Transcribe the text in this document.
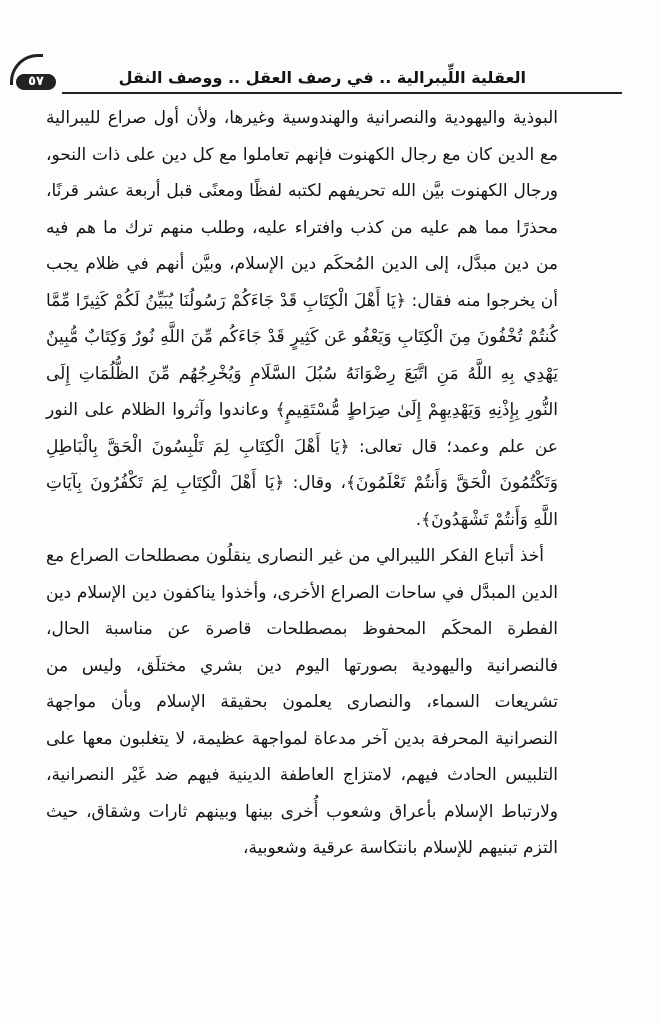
٥٧	العقلية اللِّيبرالية .. في رصف العقل .. ووصف النقل

البوذية واليهودية والنصرانية والهندوسية وغيرها، ولأن أول صراع لليبرالية مع الدين كان مع رجال الكهنوت فإنهم تعاملوا مع كل دين على ذات النحو، ورجال الكهنوت بيَّن الله تحريفهم لكتبه لفظًا ومعنًى قبل أربعة عشر قرنًا، محذرًا مما هم عليه من كذب وافتراء عليه، وطلب منهم ترك ما هم فيه من دين مبدَّل، إلى الدين المُحكَم دين الإسلام، وبيَّن أنهم في ظلام يجب أن يخرجوا منه فقال: ﴿يَا أَهْلَ الْكِتَابِ قَدْ جَاءَكُمْ رَسُولُنَا يُبَيِّنُ لَكُمْ كَثِيرًا مِّمَّا كُنتُمْ تُخْفُونَ مِنَ الْكِتَابِ وَيَعْفُو عَن كَثِيرٍ قَدْ جَاءَكُم مِّنَ اللَّهِ نُورٌ وَكِتَابٌ مُّبِينٌ يَهْدِي بِهِ اللَّهُ مَنِ اتَّبَعَ رِضْوَانَهُ سُبُلَ السَّلَامِ وَيُخْرِجُهُم مِّنَ الظُّلُمَاتِ إِلَى النُّورِ بِإِذْنِهِ وَيَهْدِيهِمْ إِلَىٰ صِرَاطٍ مُّسْتَقِيمٍ﴾ وعاندوا وآثروا الظلام على النور عن علم وعمد؛ قال تعالى: ﴿يَا أَهْلَ الْكِتَابِ لِمَ تَلْبِسُونَ الْحَقَّ بِالْبَاطِلِ وَتَكْتُمُونَ الْحَقَّ وَأَنتُمْ تَعْلَمُونَ﴾، وقال: ﴿يَا أَهْلَ الْكِتَابِ لِمَ تَكْفُرُونَ بِآيَاتِ اللَّهِ وَأَنتُمْ تَشْهَدُونَ﴾.

أخذ أتباع الفكر الليبرالي من غير النصارى ينقلُون مصطلحات الصراع مع الدين المبدَّل في ساحات الصراع الأخرى، وأخذوا يناكفون دين الإسلام دين الفطرة المحكَم المحفوظ بمصطلحات قاصرة عن مناسبة الحال، فالنصرانية واليهودية بصورتها اليوم دين بشري مختلَق، وليس من تشريعات السماء، والنصارى يعلمون بحقيقة الإسلام وبأن مواجهة النصرانية المحرفة بدين آخر مدعاة لمواجهة عظيمة، لا يتغلبون معها على التلبيس الحادث فيهم، لامتزاج العاطفة الدينية فيهم ضد غَيْر النصرانية، ولارتباط الإسلام بأعراق وشعوب أُخرى بينها وبينهم ثارات وشقاق، حيث التزم تبنيهم للإسلام بانتكاسة عرقية وشعوبية،
